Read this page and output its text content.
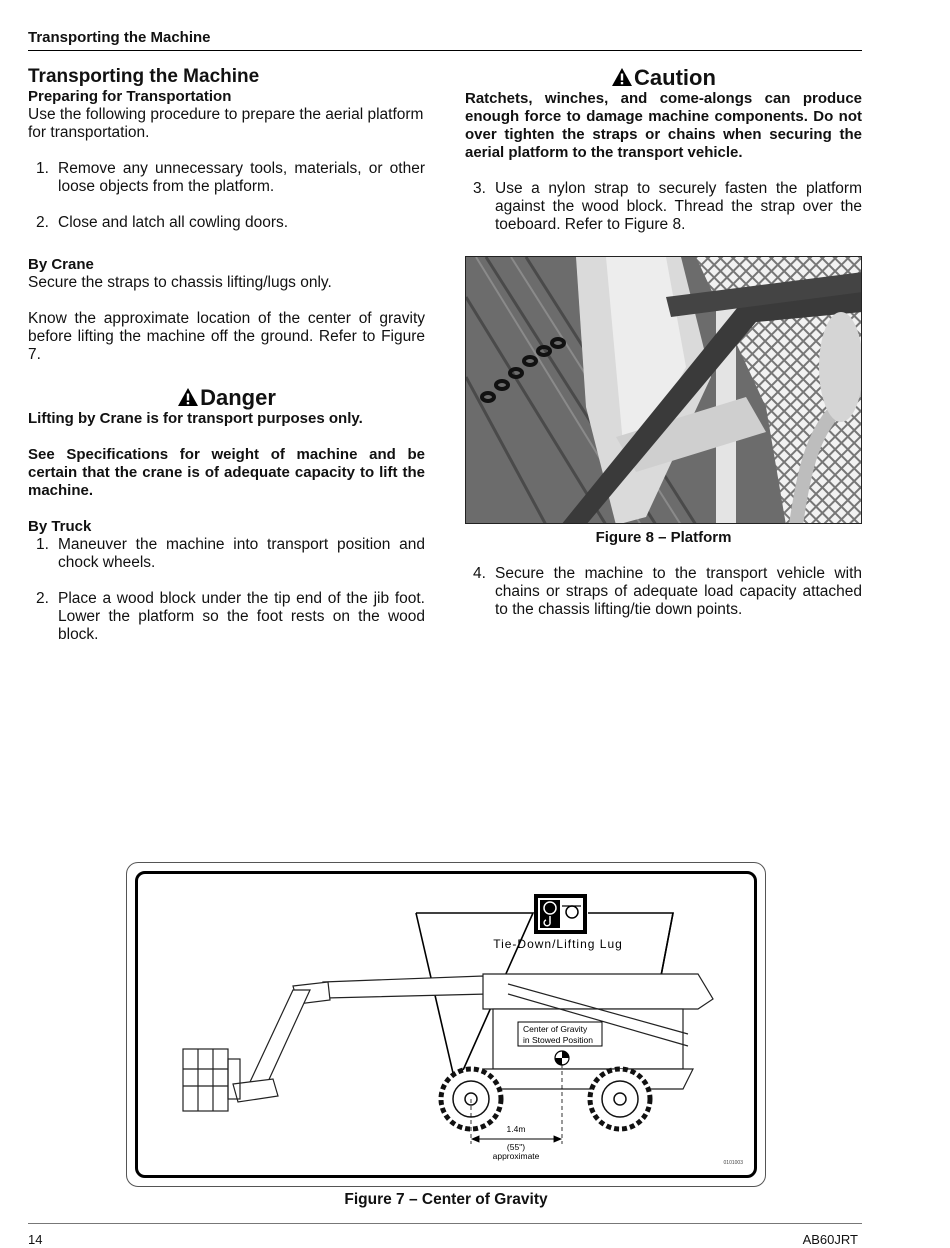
Transporting the Machine
Transporting the Machine
Preparing for Transportation

Use the following procedure to prepare the aerial platform for transportation.

1. Remove any unnecessary tools, materials, or other loose objects from the platform.
2. Close and latch all cowling doors.
By Crane

Secure the straps to chassis lifting/lugs only.

Know the approximate location of the center of gravity before lifting the machine off the ground. Refer to Figure 7.

Danger

Lifting by Crane is for transport purposes only.

See Specifications for weight of machine and be certain that the crane is of adequate capacity to lift the machine.

By Truck
1. Maneuver the machine into transport position and chock wheels.
2. Place a wood block under the tip end of the jib foot. Lower the platform so the foot rests on the wood block.
Caution

Ratchets, winches, and come-alongs can produce enough force to damage machine components. Do not over tighten the straps or chains when securing the aerial platform to the transport vehicle.

3. Use a nylon strap to securely fasten the platform against the wood block. Thread the strap over the toeboard. Refer to Figure 8.

Figure 8 – Platform

4. Secure the machine to the transport vehicle with chains or straps of adequate load capacity attached to the chassis lifting/tie down points.
Tie-Down/Lifting Lug
Center of Gravity
in Stowed Position
1.4m
(55")
approximate
0101003
Figure 7 – Center of Gravity
14	AB60JRT
